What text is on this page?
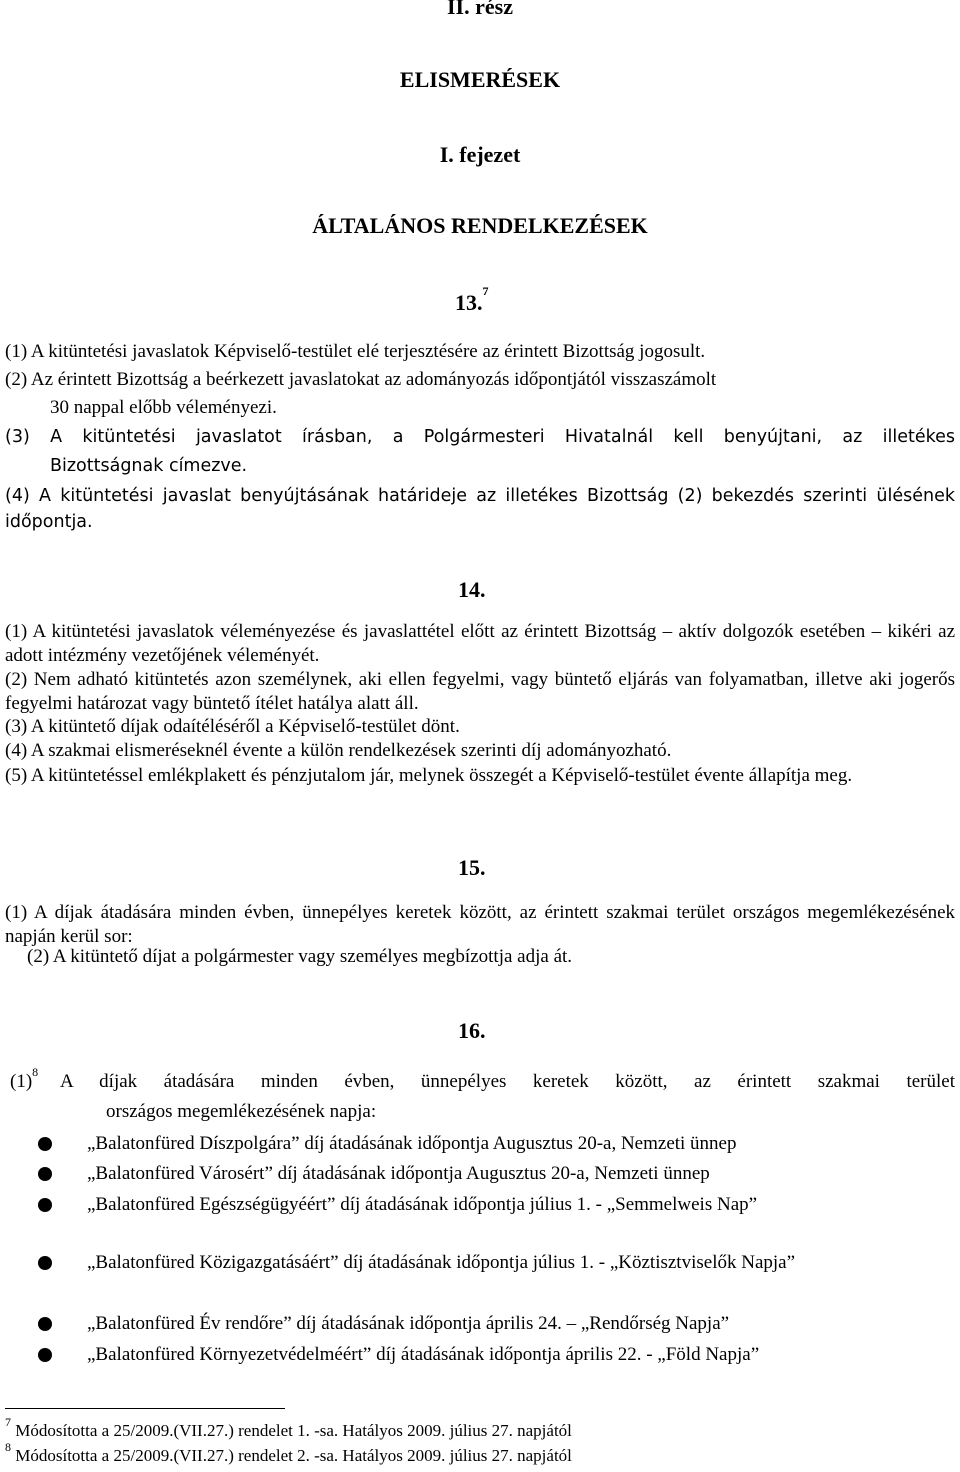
II. rész
ELISMERÉSEK
I. fejezet
ÁLTALÁNOS RENDELKEZÉSEK
13.$^7$
(1) A kitüntetési javaslatok Képviselő-testület elé terjesztésére az érintett Bizottság jogosult.
(2) Az érintett Bizottság a beérkezett javaslatokat az adományozás időpontjától visszaszámolt
30 nappal előbb véleményezi.
(3) A kitüntetési javaslatot írásban, a Polgármesteri Hivatalnál kell benyújtani, az illetékes
Bizottságnak címezve.
(4) A kitüntetési javaslat benyújtásának határideje az illetékes Bizottság (2) bekezdés szerinti ülésének időpontja.
14.
(1) A kitüntetési javaslatok véleményezése és javaslattétel előtt az érintett Bizottság – aktív dolgozók esetében – kikéri az adott intézmény vezetőjének véleményét.
(2) Nem adható kitüntetés azon személynek, aki ellen fegyelmi, vagy büntető eljárás van folyamatban, illetve aki jogerős fegyelmi határozat vagy büntető ítélet hatálya alatt áll.
(3) A kitüntető díjak odaítéléséről a Képviselő-testület dönt.
(4) A szakmai elismeréseknél évente a külön rendelkezések szerinti díj adományozható.
(5) A kitüntetéssel emlékplakett és pénzjutalom jár, melynek összegét a Képviselő-testület évente állapítja meg.
15.
(1) A díjak átadására minden évben, ünnepélyes keretek között, az érintett szakmai terület országos megemlékezésének napján kerül sor:
(2) A kitüntető díjat a polgármester vagy személyes megbízottja adja át.
16.
$(1)^8$ A díjak átadására minden évben, ünnepélyes keretek között, az érintett szakmai terület
országos megemlékezésének napja:
„Balatonfüred Díszpolgára” díj átadásának időpontja Augusztus 20-a, Nemzeti ünnep
„Balatonfüred Városért” díj átadásának időpontja Augusztus 20-a, Nemzeti ünnep
„Balatonfüred Egészségügyéért” díj átadásának időpontja július 1. - „Semmelweis Nap”
„Balatonfüred Közigazgatásáért” díj átadásának időpontja július 1. - „Köztisztviselők Napja”
„Balatonfüred Év rendőre” díj átadásának időpontja április 24. – „Rendőrség Napja”
„Balatonfüred Környezetvédelméért” díj átadásának időpontja április 22. - „Föld Napja”
$^7$ Módosította a 25/2009.(VII.27.) rendelet 1. -sa. Hatályos 2009. július 27. napjától
$^8$ Módosította a 25/2009.(VII.27.) rendelet 2. -sa. Hatályos 2009. július 27. napjától
